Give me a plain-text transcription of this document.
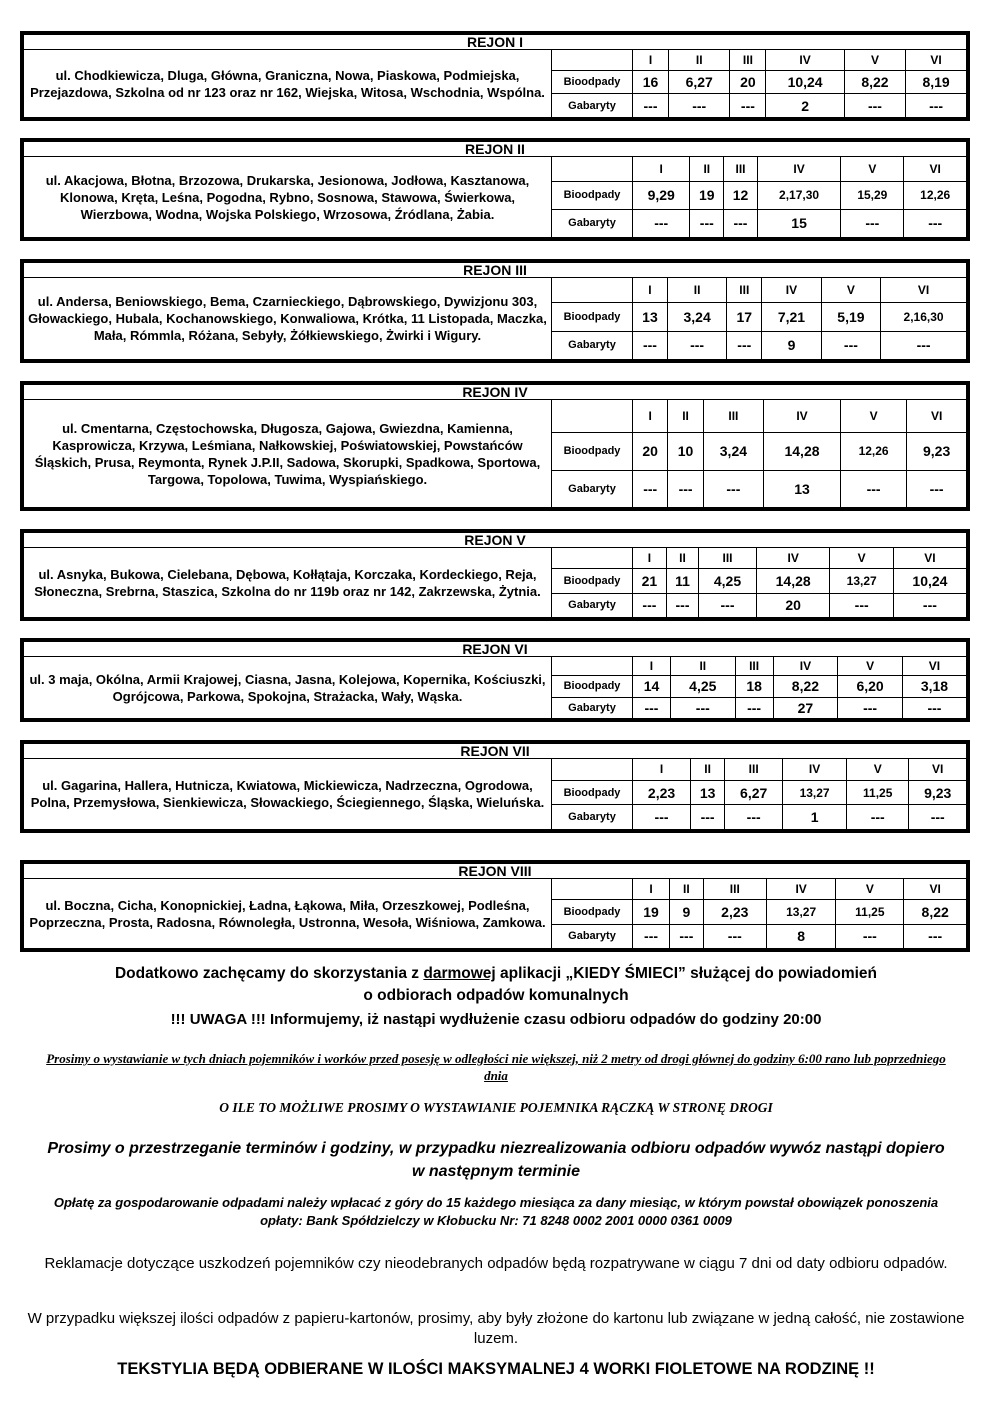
REJON I
ul. Chodkiewicza, Dluga, Główna, Graniczna, Nowa, Piaskowa, Podmiejska, Przejazdowa, Szkolna od nr 123 oraz nr 162, Wiejska, Witosa, Wschodnia, Wspólna.
	I	II	III	IV	V	VI
Bioodpady	16	6,27	20	10,24	8,22	8,19
Gabaryty	---	---	---	2	---	---
REJON II
ul. Akacjowa, Błotna, Brzozowa, Drukarska, Jesionowa, Jodłowa, Kasztanowa, Klonowa, Kręta, Leśna, Pogodna, Rybno, Sosnowa, Stawowa, Świerkowa, Wierzbowa, Wodna, Wojska Polskiego, Wrzosowa, Źródlana, Żabia.
	I	II	III	IV	V	VI
Bioodpady	9,29	19	12	2,17,30	15,29	12,26
Gabaryty	---	---	---	15	---	---
REJON III
ul. Andersa, Beniowskiego, Bema, Czarnieckiego, Dąbrowskiego, Dywizjonu 303, Głowackiego, Hubala, Kochanowskiego, Konwaliowa, Krótka, 11 Listopada, Maczka, Mała, Rómmla, Różana, Sebyły, Żółkiewskiego, Żwirki i Wigury.
	I	II	III	IV	V	VI
Bioodpady	13	3,24	17	7,21	5,19	2,16,30
Gabaryty	---	---	---	9	---	---
REJON IV
ul. Cmentarna, Częstochowska, Długosza, Gajowa, Gwiezdna, Kamienna, Kasprowicza, Krzywa, Leśmiana, Nałkowskiej, Poświatowskiej, Powstańców Śląskich, Prusa, Reymonta, Rynek J.P.II, Sadowa, Skorupki, Spadkowa, Sportowa, Targowa, Topolowa, Tuwima, Wyspiańskiego.
	I	II	III	IV	V	VI
Bioodpady	20	10	3,24	14,28	12,26	9,23
Gabaryty	---	---	---	13	---	---
REJON V
ul. Asnyka, Bukowa, Cielebana, Dębowa, Kołłątaja, Korczaka, Kordeckiego, Reja, Słoneczna, Srebrna, Staszica, Szkolna do nr 119b oraz nr 142, Zakrzewska, Żytnia.
	I	II	III	IV	V	VI
Bioodpady	21	11	4,25	14,28	13,27	10,24
Gabaryty	---	---	---	20	---	---
REJON VI
ul. 3 maja, Okólna, Armii Krajowej, Ciasna, Jasna, Kolejowa, Kopernika, Kościuszki, Ogrójcowa, Parkowa, Spokojna, Strażacka, Wały, Wąska.
	I	II	III	IV	V	VI
Bioodpady	14	4,25	18	8,22	6,20	3,18
Gabaryty	---	---	---	27	---	---
REJON VII
ul. Gagarina, Hallera, Hutnicza, Kwiatowa, Mickiewicza, Nadrzeczna, Ogrodowa, Polna, Przemysłowa, Sienkiewicza, Słowackiego, Ściegiennego, Śląska, Wieluńska.
	I	II	III	IV	V	VI
Bioodpady	2,23	13	6,27	13,27	11,25	9,23
Gabaryty	---	---	---	1	---	---
REJON VIII
ul. Boczna, Cicha, Konopnickiej, Ładna, Łąkowa, Miła, Orzeszkowej, Podleśna, Poprzeczna, Prosta, Radosna, Równoległa, Ustronna, Wesoła, Wiśniowa, Zamkowa.
	I	II	III	IV	V	VI
Bioodpady	19	9	2,23	13,27	11,25	8,22
Gabaryty	---	---	---	8	---	---
Dodatkowo zachęcamy do skorzystania z darmowej aplikacji „KIEDY ŚMIECI” służącej do powiadomień
o odbiorach odpadów komunalnych
!!! UWAGA !!! Informujemy, iż nastąpi wydłużenie czasu odbioru odpadów do godziny 20:00
Prosimy o wystawianie w tych dniach pojemników i worków przed posesję w odległości nie większej, niż 2 metry od drogi głównej do godziny 6:00 rano lub poprzedniego dnia
O ILE TO MOŻLIWE PROSIMY O WYSTAWIANIE POJEMNIKA RĄCZKĄ W STRONĘ DROGI
Prosimy o przestrzeganie terminów i godziny, w przypadku niezrealizowania odbioru odpadów wywóz nastąpi dopiero w następnym terminie
Opłatę za gospodarowanie odpadami należy wpłacać z góry do 15 każdego miesiąca za dany miesiąc, w którym powstał obowiązek ponoszenia opłaty: Bank Spółdzielczy w Kłobucku Nr: 71 8248 0002 2001 0000 0361 0009
Reklamacje dotyczące uszkodzeń pojemników czy nieodebranych odpadów będą rozpatrywane w ciągu 7 dni od daty odbioru odpadów.
W przypadku większej ilości odpadów z papieru-kartonów, prosimy, aby były złożone do kartonu lub związane w jedną całość, nie zostawione luzem.
TEKSTYLIA BĘDĄ ODBIERANE W ILOŚCI MAKSYMALNEJ 4 WORKI FIOLETOWE NA RODZINĘ !!
